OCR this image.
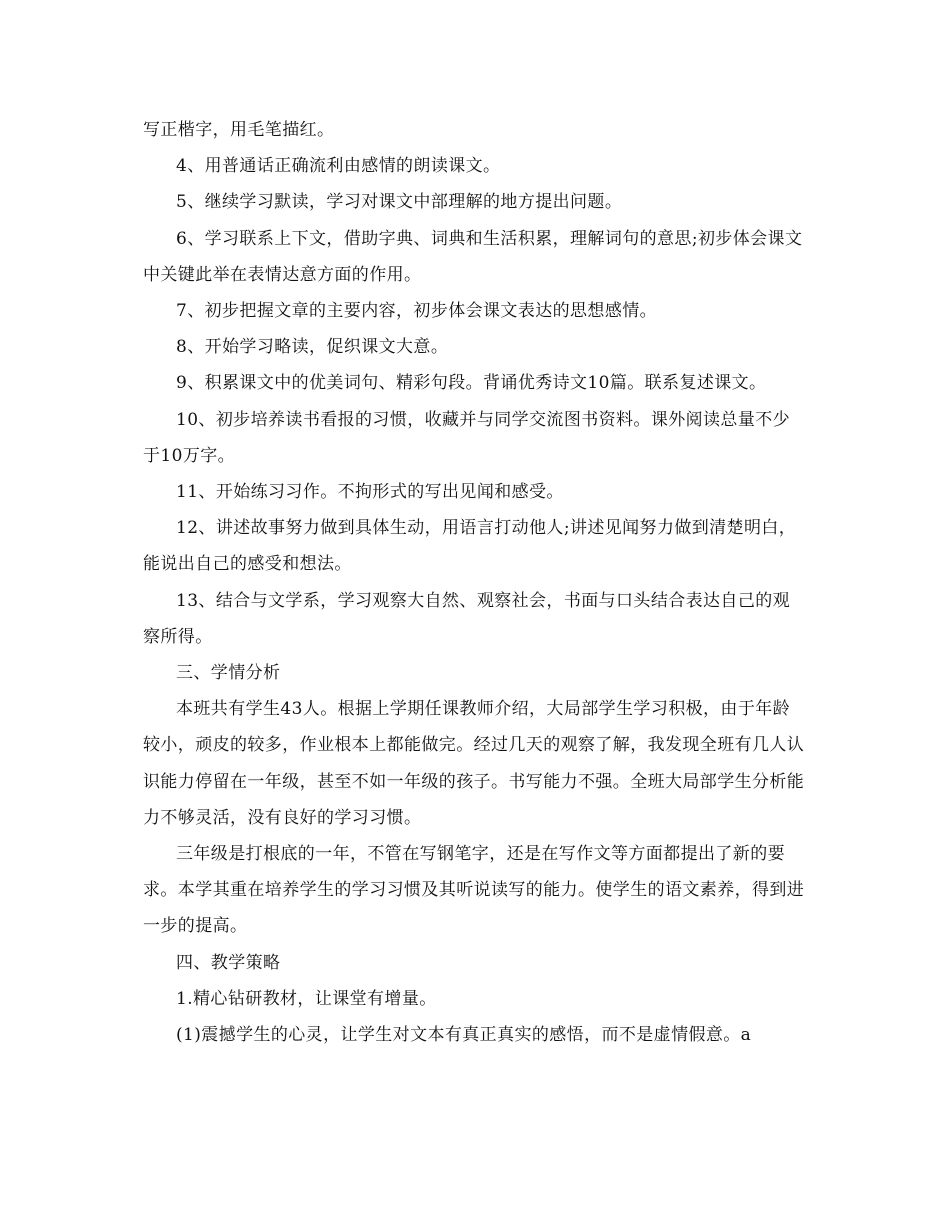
写正楷字，用毛笔描红。

4、用普通话正确流利由感情的朗读课文。

5、继续学习默读，学习对课文中部理解的地方提出问题。

6、学习联系上下文，借助字典、词典和生活积累，理解词句的意思;初步体会课文中关键此举在表情达意方面的作用。

7、初步把握文章的主要内容，初步体会课文表达的思想感情。

8、开始学习略读，促织课文大意。

9、积累课文中的优美词句、精彩句段。背诵优秀诗文10篇。联系复述课文。

10、初步培养读书看报的习惯，收藏并与同学交流图书资料。课外阅读总量不少于10万字。

11、开始练习习作。不拘形式的写出见闻和感受。

12、讲述故事努力做到具体生动，用语言打动他人;讲述见闻努力做到清楚明白，能说出自己的感受和想法。

13、结合与文学系，学习观察大自然、观察社会，书面与口头结合表达自己的观察所得。

三、学情分析

本班共有学生43人。根据上学期任课教师介绍，大局部学生学习积极，由于年龄较小，顽皮的较多，作业根本上都能做完。经过几天的观察了解，我发现全班有几人认识能力停留在一年级，甚至不如一年级的孩子。书写能力不强。全班大局部学生分析能力不够灵活，没有良好的学习习惯。

三年级是打根底的一年，不管在写钢笔字，还是在写作文等方面都提出了新的要求。本学其重在培养学生的学习习惯及其听说读写的能力。使学生的语文素养，得到进一步的提高。

四、教学策略

1.精心钻研教材，让课堂有增量。

(1)震撼学生的心灵，让学生对文本有真正真实的感悟，而不是虚情假意。a
